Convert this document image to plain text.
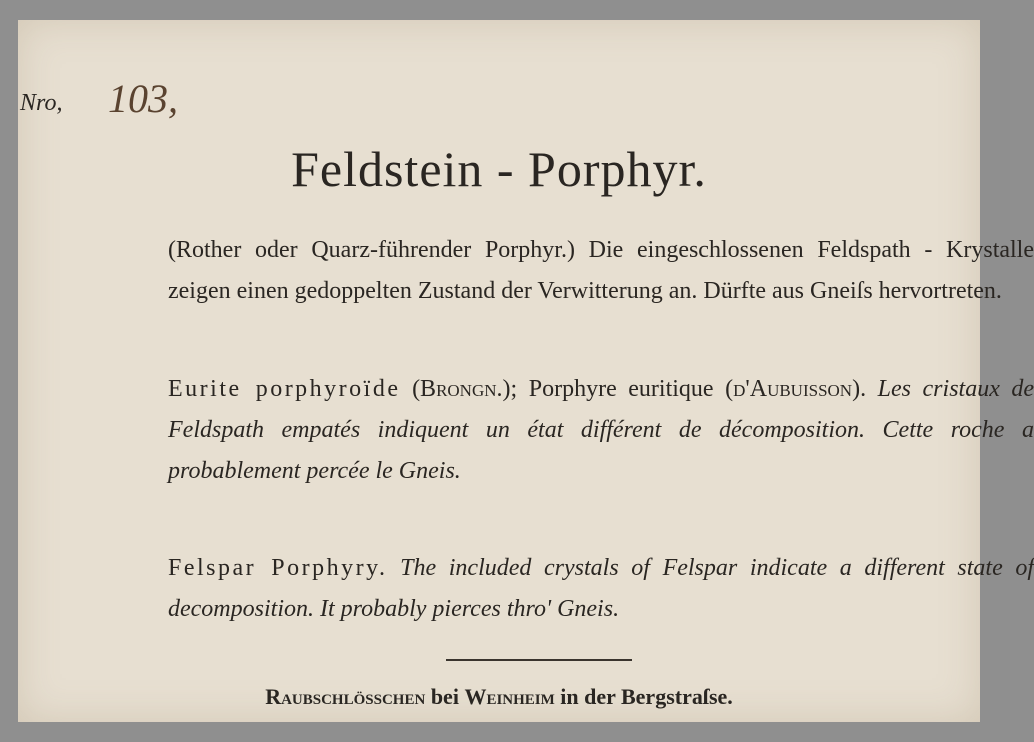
Nro, 103,
Feldstein - Porphyr.
(Rother oder Quarz-führender Porphyr.) Die eingeschlossenen Feldspath - Krystalle zeigen einen gedoppelten Zustand der Verwitterung an. Dürfte aus Gneiſs hervortreten.
Eurite porphyroïde (Brongn.); Porphyre euritique (d'Aubuisson). Les cristaux de Feldspath empatés indiquent un état différent de décomposition. Cette roche a probablement percée le Gneis.
Felspar Porphyry. The included crystals of Felspar indicate a different state of decomposition. It probably pierces thro' Gneis.
Raubschlösschen bei Weinheim in der Bergstraſse.
